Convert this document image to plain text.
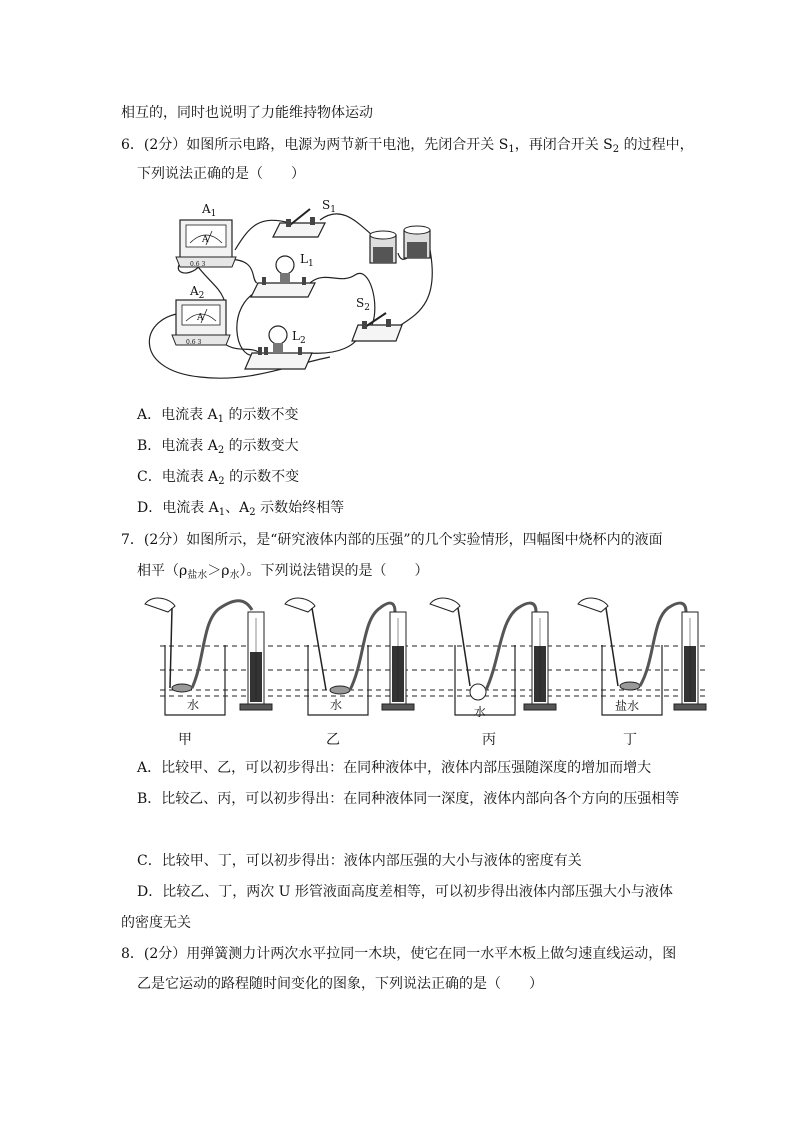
相互的，同时也说明了力能维持物体运动
6．(2分）如图所示电路，电源为两节新干电池，先闭合开关 $S_1$，再闭合开关 $S_2$ 的过程中，
下列说法正确的是（　　）
A
0.6 3
$A_1$
$S_1$
$L_1$
A
0.6 3
$A_2$	$S_2$
$L_2$
A．电流表 $A_1$ 的示数不变
B．电流表 $A_2$ 的示数变大
C．电流表 $A_2$ 的示数不变
D．电流表 $A_1$、$A_2$ 示数始终相等
7．(2分）如图所示，是“研究液体内部的压强”的几个实验情形，四幅图中烧杯内的液面
相平$(\rho_{盐水}>\rho_水)$。下列说法错误的是（　　）
水	水	水	盐水
甲	乙	丙	丁
A．比较甲、乙，可以初步得出：在同种液体中，液体内部压强随深度的增加而增大
B．比较乙、丙，可以初步得出：在同种液体同一深度，液体内部向各个方向的压强相等
C．比较甲、丁，可以初步得出：液体内部压强的大小与液体的密度有关
D．比较乙、丁，两次 U 形管液面高度差相等，可以初步得出液体内部压强大小与液体
的密度无关
8．(2分）用弹簧测力计两次水平拉同一木块，使它在同一水平木板上做匀速直线运动，图
乙是它运动的路程随时间变化的图象，下列说法正确的是（　　）
